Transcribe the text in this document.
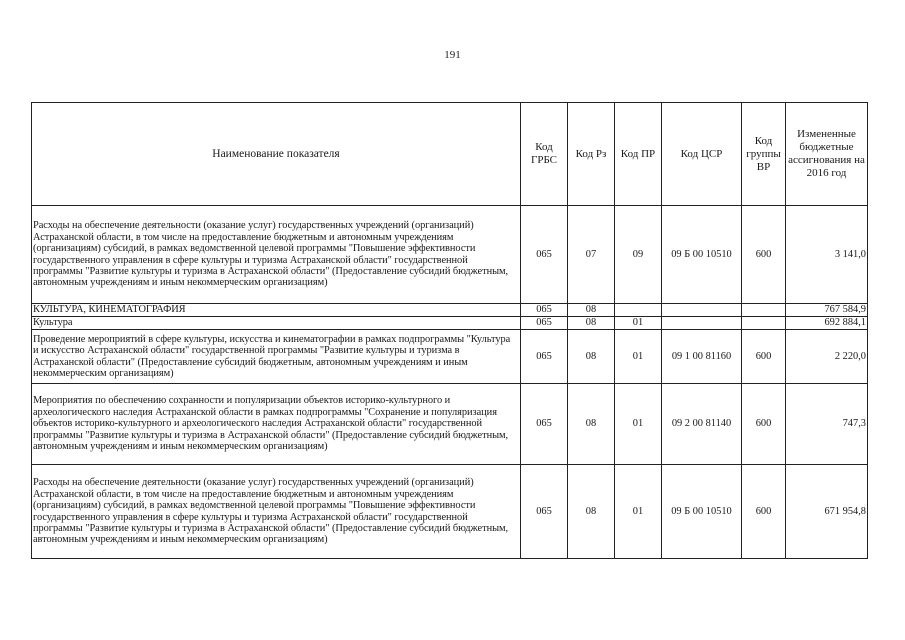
191
Наименование показателя	Код ГРБС	Код Рз	Код ПР	Код ЦСР	Код группы ВР	Измененные бюджетные ассигнования на 2016 год
Расходы на обеспечение деятельности (оказание услуг) государственных учреждений (организаций) Астраханской области, в том числе на предоставление бюджетным и автономным учреждениям (организациям) субсидий, в рамках ведомственной целевой программы "Повышение эффективности государственного управления в сфере культуры и туризма Астраханской области" государственной программы "Развитие культуры и туризма в Астраханской области" (Предоставление субсидий бюджетным, автономным учреждениям и иным некоммерческим организациям)	065	07	09	09 Б 00 10510	600	3 141,0
КУЛЬТУРА, КИНЕМАТОГРАФИЯ	065	08				767 584,9
Культура	065	08	01			692 884,1
Проведение мероприятий в сфере культуры, искусства и кинематографии в рамках подпрограммы "Культура и искусство Астраханской области" государственной программы "Развитие культуры и туризма в Астраханской области" (Предоставление субсидий бюджетным, автономным учреждениям и иным некоммерческим организациям)	065	08	01	09 1 00 81160	600	2 220,0
Мероприятия по обеспечению сохранности и популяризации объектов историко-культурного и археологического наследия Астраханской области в рамках подпрограммы "Сохранение и популяризация объектов историко-культурного и археологического наследия Астраханской области" государственной программы "Развитие культуры и туризма в Астраханской области" (Предоставление субсидий бюджетным, автономным учреждениям и иным некоммерческим организациям)	065	08	01	09 2 00 81140	600	747,3
Расходы на обеспечение деятельности (оказание услуг) государственных учреждений (организаций) Астраханской области, в том числе на предоставление бюджетным и автономным учреждениям (организациям) субсидий, в рамках ведомственной целевой программы "Повышение эффективности государственного управления в сфере культуры и туризма Астраханской области" государственной программы "Развитие культуры и туризма в Астраханской области" (Предоставление субсидий бюджетным, автономным учреждениям и иным некоммерческим организациям)	065	08	01	09 Б 00 10510	600	671 954,8
